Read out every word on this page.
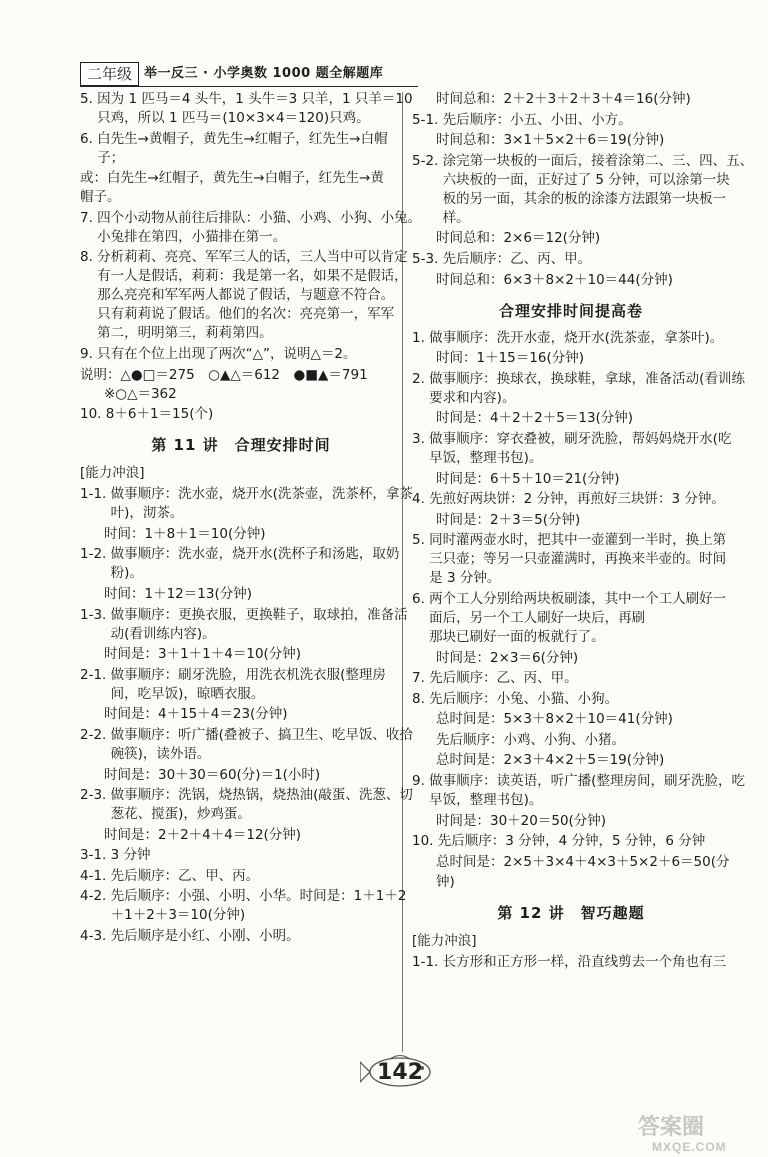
二年级 举一反三 · 小学奥数 1000 题全解题库
5. 因为 1 匹马＝4 头牛，1 头牛＝3 只羊，1 只羊＝10
只鸡，所以 1 匹马＝(10×3×4＝120)只鸡。
6. 白先生→黄帽子，黄先生→红帽子，红先生→白帽
子；
或：白先生→红帽子，黄先生→白帽子，红先生→黄
帽子。
7. 四个小动物从前往后排队：小猫、小鸡、小狗、小兔。
小兔排在第四，小猫排在第一。
8. 分析莉莉、亮亮、军军三人的话，三人当中可以肯定
有一人是假话，莉莉：我是第一名，如果不是假话，
那么亮亮和军军两人都说了假话，与题意不符合。
只有莉莉说了假话。他们的名次：亮亮第一，军军
第二，明明第三，莉莉第四。
9. 只有在个位上出现了两次“△”，说明△＝2。
说明：△●□＝275　○▲△＝612　●■▲＝791
※○△＝362
10. 8＋6＋1＝15(个)
第 11 讲　合理安排时间
[能力冲浪]
1-1. 做事顺序：洗水壶，烧开水(洗茶壶，洗茶杯，拿茶
叶)，沏茶。
时间：1＋8＋1＝10(分钟)
1-2. 做事顺序：洗水壶，烧开水(洗杯子和汤匙，取奶
粉)。
时间：1＋12＝13(分钟)
1-3. 做事顺序：更换衣服，更换鞋子，取球拍，准备活
动(看训练内容)。
时间是：3＋1＋1＋4＝10(分钟)
2-1. 做事顺序：刷牙洗脸，用洗衣机洗衣服(整理房
间，吃早饭)，晾晒衣服。
时间是：4＋15＋4＝23(分钟)
2-2. 做事顺序：听广播(叠被子、搞卫生、吃早饭、收拾
碗筷)，读外语。
时间是：30＋30＝60(分)＝1(小时)
2-3. 做事顺序：洗锅，烧热锅，烧热油(敲蛋、洗葱、切
葱花、搅蛋)，炒鸡蛋。
时间是：2＋2＋4＋4＝12(分钟)
3-1. 3 分钟
4-1. 先后顺序：乙、甲、丙。
4-2. 先后顺序：小强、小明、小华。时间是：1＋1＋2
＋1＋2＋3＝10(分钟)
4-3. 先后顺序是小红、小刚、小明。
时间总和：2＋2＋3＋2＋3＋4＝16(分钟)
5-1. 先后顺序：小五、小田、小方。
时间总和：3×1＋5×2＋6＝19(分钟)
5-2. 涂完第一块板的一面后，接着涂第二、三、四、五、
六块板的一面，正好过了 5 分钟，可以涂第一块
板的另一面，其余的板的涂漆方法跟第一块板一
样。
时间总和：2×6＝12(分钟)
5-3. 先后顺序：乙、丙、甲。
时间总和：6×3＋8×2＋10＝44(分钟)
合理安排时间提高卷
1. 做事顺序：洗开水壶，烧开水(洗茶壶，拿茶叶)。
时间：1＋15＝16(分钟)
2. 做事顺序：换球衣，换球鞋，拿球，准备活动(看训练
要求和内容)。
时间是：4＋2＋2＋5＝13(分钟)
3. 做事顺序：穿衣叠被，刷牙洗脸，帮妈妈烧开水(吃
早饭，整理书包)。
时间是：6＋5＋10＝21(分钟)
4. 先煎好两块饼：2 分钟，再煎好三块饼：3 分钟。
时间是：2＋3＝5(分钟)
5. 同时灌两壶水时，把其中一壶灌到一半时，换上第
三只壶；等另一只壶灌满时，再换来半壶的。时间
是 3 分钟。
6. 两个工人分别给两块板刷漆，其中一个工人刷好一
面后，另一个工人刷好一块后，再刷
那块已刷好一面的板就行了。
时间是：2×3＝6(分钟)
7. 先后顺序：乙、丙、甲。
8. 先后顺序：小兔、小猫、小狗。
总时间是：5×3＋8×2＋10＝41(分钟)
先后顺序：小鸡、小狗、小猪。
总时间是：2×3＋4×2＋5＝19(分钟)
9. 做事顺序：读英语，听广播(整理房间，刷牙洗脸，吃
早饭，整理书包)。
时间是：30＋20＝50(分钟)
10. 先后顺序：3 分钟，4 分钟，5 分钟，6 分钟
总时间是：2×5＋3×4＋4×3＋5×2＋6＝50(分
钟)
第 12 讲　智巧趣题
[能力冲浪]
1-1. 长方形和正方形一样，沿直线剪去一个角也有三
142
答案圈
MXQE.COM
